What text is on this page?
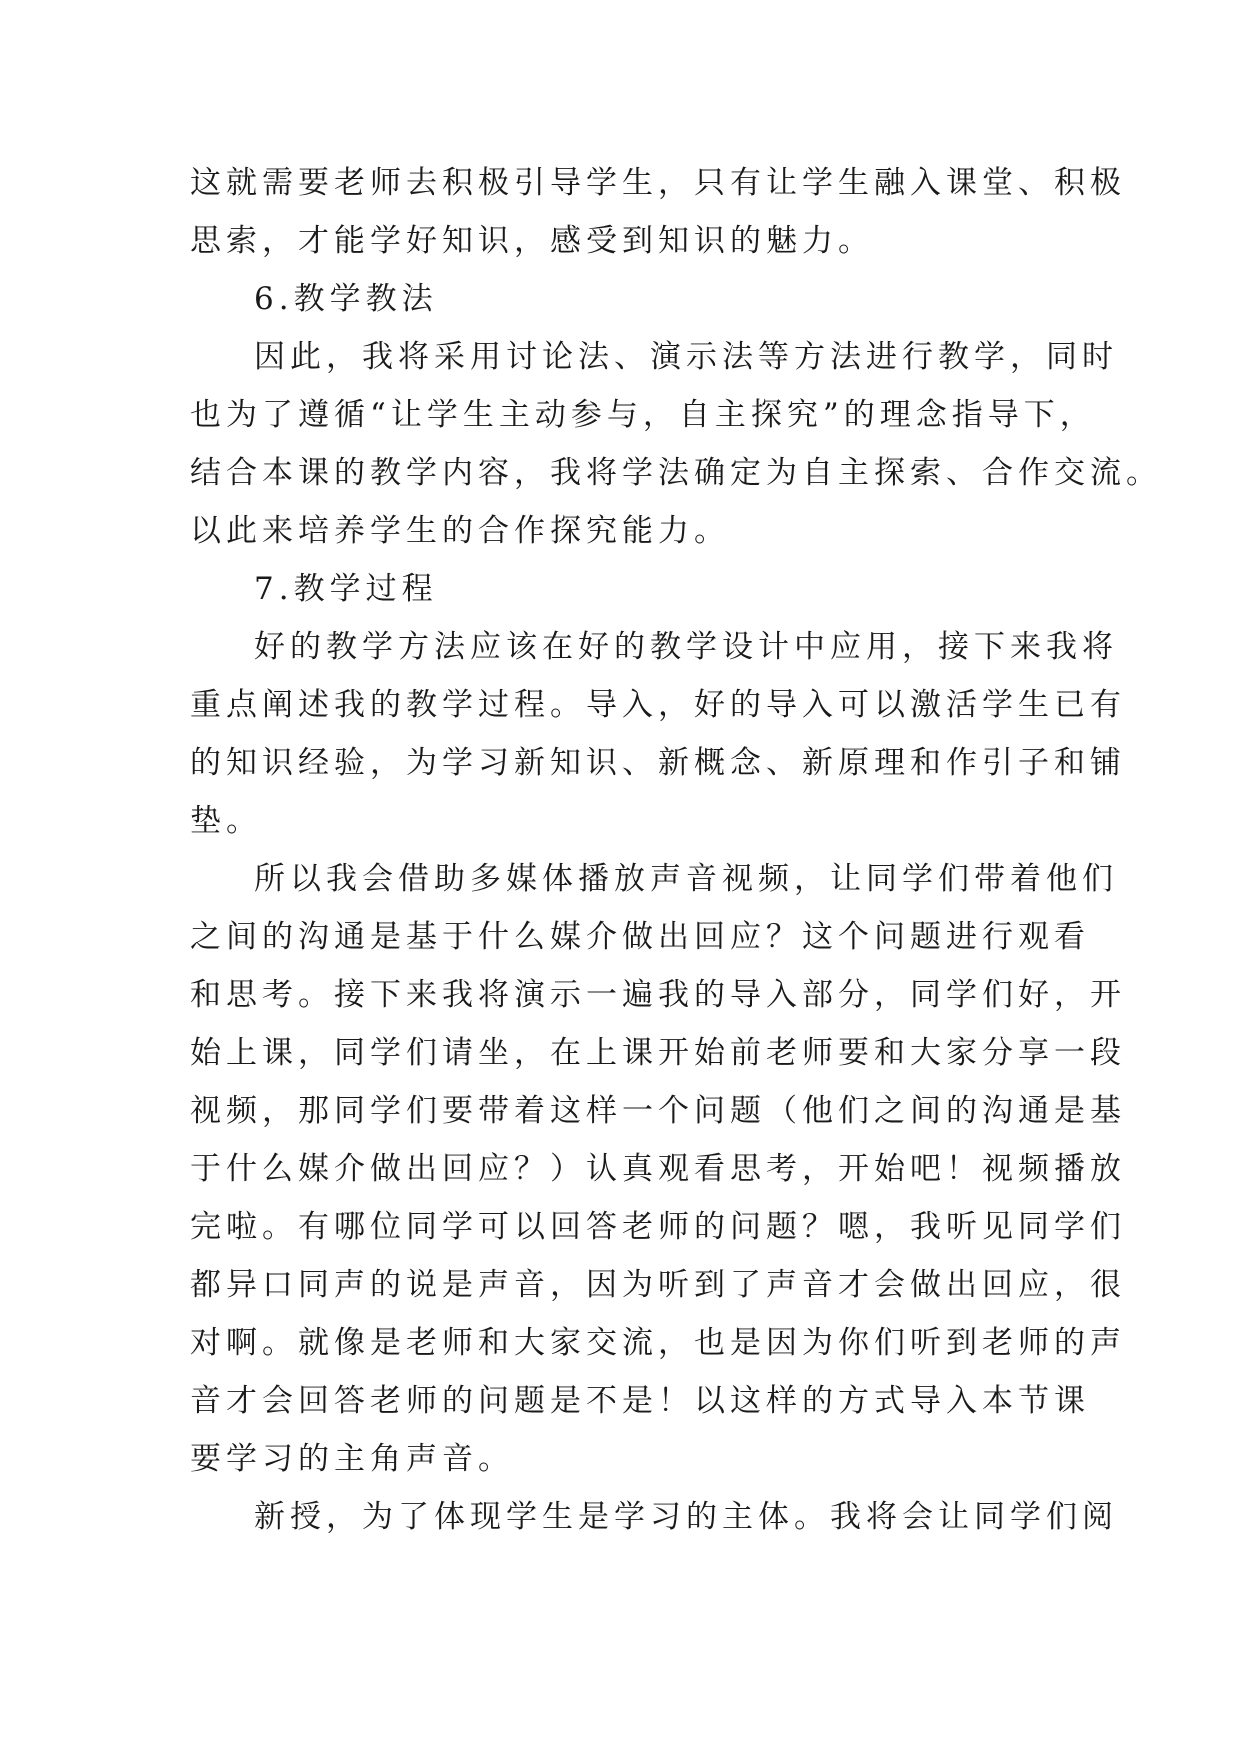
这就需要老师去积极引导学生，只有让学生融入课堂、积极
思索，才能学好知识，感受到知识的魅力。
6.教学教法
因此，我将采用讨论法、演示法等方法进行教学，同时
也为了遵循“让学生主动参与，自主探究”的理念指导下，
结合本课的教学内容，我将学法确定为自主探索、合作交流。
以此来培养学生的合作探究能力。
7.教学过程
好的教学方法应该在好的教学设计中应用，接下来我将
重点阐述我的教学过程。导入，好的导入可以激活学生已有
的知识经验，为学习新知识、新概念、新原理和作引子和铺
垫。
所以我会借助多媒体播放声音视频，让同学们带着他们
之间的沟通是基于什么媒介做出回应？这个问题进行观看
和思考。接下来我将演示一遍我的导入部分，同学们好，开
始上课，同学们请坐，在上课开始前老师要和大家分享一段
视频，那同学们要带着这样一个问题（他们之间的沟通是基
于什么媒介做出回应？）认真观看思考，开始吧！视频播放
完啦。有哪位同学可以回答老师的问题？嗯，我听见同学们
都异口同声的说是声音，因为听到了声音才会做出回应，很
对啊。就像是老师和大家交流，也是因为你们听到老师的声
音才会回答老师的问题是不是！以这样的方式导入本节课
要学习的主角声音。
新授，为了体现学生是学习的主体。我将会让同学们阅
